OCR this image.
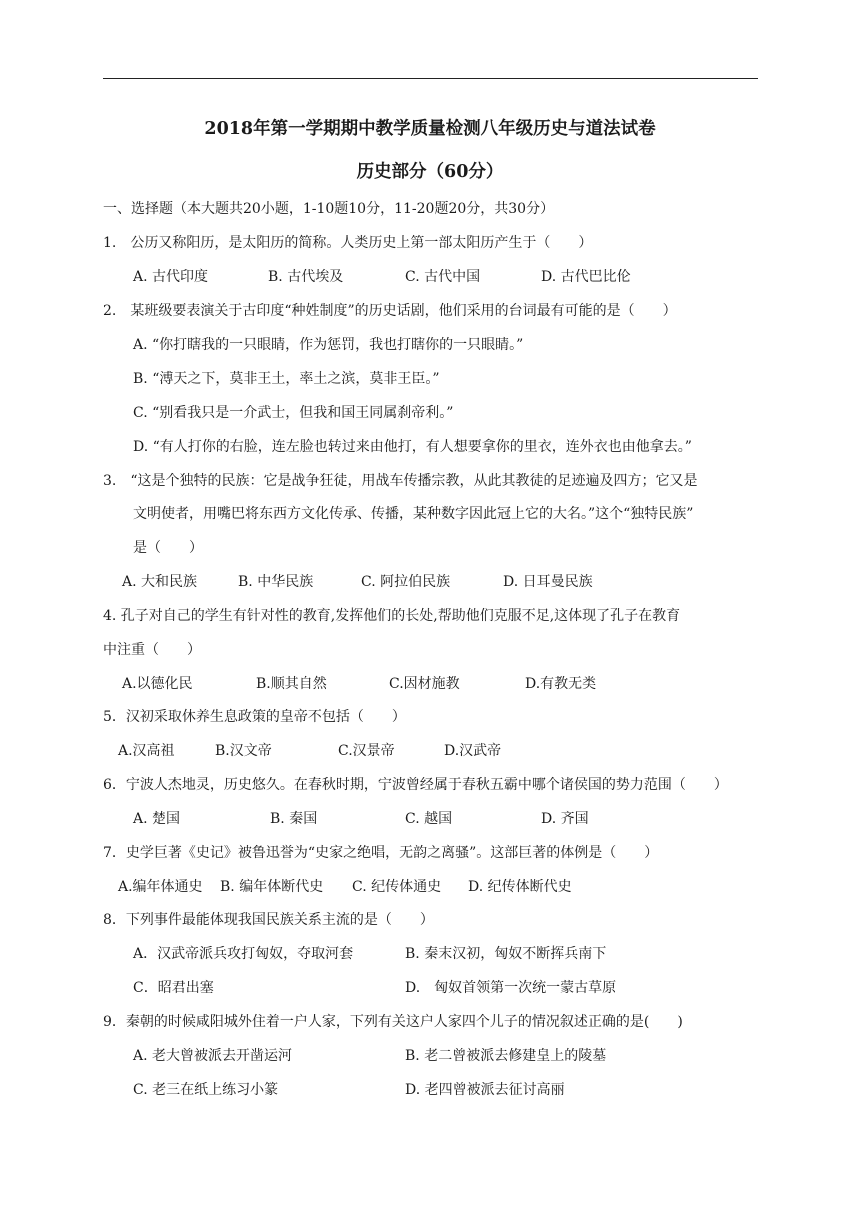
2018年第一学期期中教学质量检测八年级历史与道法试卷
历史部分（60分）
一、选择题（本大题共20小题，1-10题10分，11-20题20分，共30分）
1.　公历又称阳历，是太阳历的简称。人类历史上第一部太阳历产生于（　　）
A. 古代印度	B. 古代埃及	C. 古代中国	D. 古代巴比伦
2.　某班级要表演关于古印度“种姓制度”的历史话剧，他们采用的台词最有可能的是（　　）
A. “你打瞎我的一只眼睛，作为惩罚，我也打瞎你的一只眼睛。”
B. “溥天之下，莫非王土，率土之滨，莫非王臣。”
C. “别看我只是一介武士，但我和国王同属刹帝利。”
D. “有人打你的右脸，连左脸也转过来由他打，有人想要拿你的里衣，连外衣也由他拿去。”
3.　“这是个独特的民族：它是战争狂徒，用战车传播宗教，从此其教徒的足迹遍及四方；它又是
文明使者，用嘴巴将东西方文化传承、传播，某种数字因此冠上它的大名。”这个“独特民族”
是（　　）
A. 大和民族	B. 中华民族	C. 阿拉伯民族	D. 日耳曼民族
4. 孔子对自己的学生有针对性的教育,发挥他们的长处,帮助他们克服不足,这体现了孔子在教育
中注重（　　）
A.以德化民	B.顺其自然	C.因材施教	D.有教无类
5．汉初采取休养生息政策的皇帝不包括（　　）
A.汉高祖	B.汉文帝	C.汉景帝	D.汉武帝
6．宁波人杰地灵，历史悠久。在春秋时期，宁波曾经属于春秋五霸中哪个诸侯国的势力范围（　　）
A. 楚国	B. 秦国	C. 越国	D. 齐国
7．史学巨著《史记》被鲁迅誉为“史家之绝唱，无韵之离骚”。这部巨著的体例是（　　）
A.编年体通史 B. 编年体断代史 C. 纪传体通史 D. 纪传体断代史
8．下列事件最能体现我国民族关系主流的是（　　）
A．汉武帝派兵攻打匈奴，夺取河套	B. 秦末汉初，匈奴不断挥兵南下
C．昭君出塞	D.　匈奴首领第一次统一蒙古草原
9．秦朝的时候咸阳城外住着一户人家，下列有关这户人家四个儿子的情况叙述正确的是(　　)
A. 老大曾被派去开凿运河	B. 老二曾被派去修建皇上的陵墓
C. 老三在纸上练习小篆	D. 老四曾被派去征讨高丽
